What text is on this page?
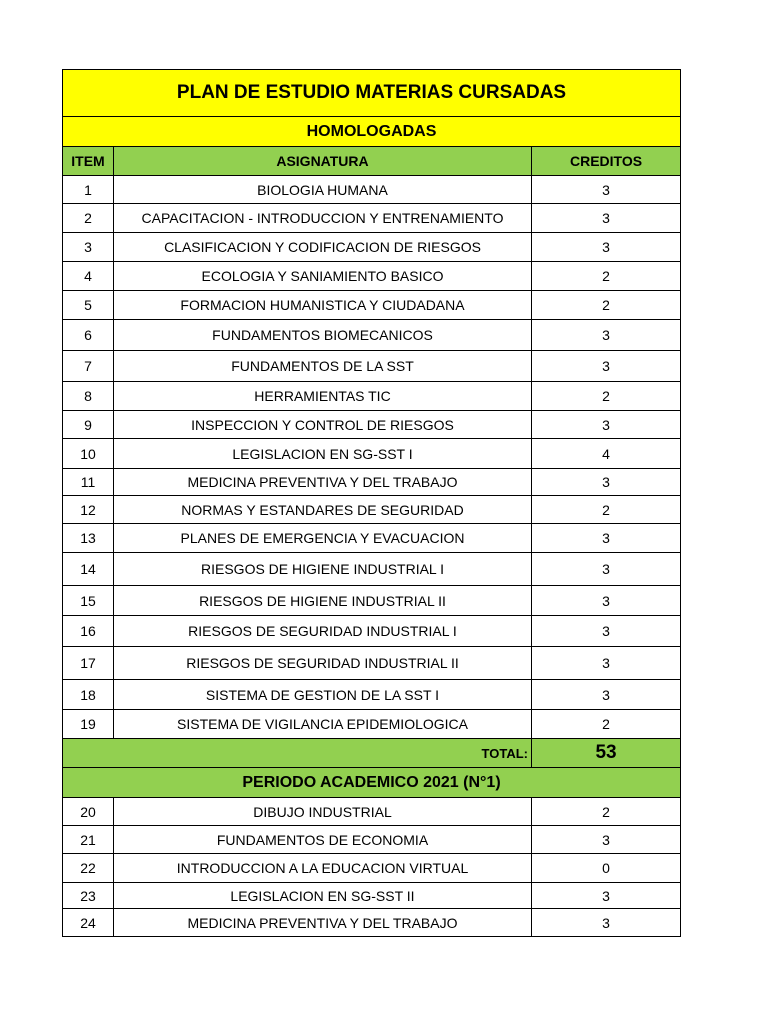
PLAN DE ESTUDIO MATERIAS CURSADAS		
HOMOLOGADAS		
ITEM	ASIGNATURA	CREDITOS
1	BIOLOGIA HUMANA	3
2	CAPACITACION - INTRODUCCION Y ENTRENAMIENTO	3
3	CLASIFICACION Y CODIFICACION DE RIESGOS	3
4	ECOLOGIA Y SANIAMIENTO BASICO	2
5	FORMACION HUMANISTICA Y CIUDADANA	2
6	FUNDAMENTOS BIOMECANICOS	3
7	FUNDAMENTOS DE LA SST	3
8	HERRAMIENTAS TIC	2
9	INSPECCION Y CONTROL DE RIESGOS	3
10	LEGISLACION EN SG-SST I	4
11	MEDICINA PREVENTIVA Y DEL TRABAJO	3
12	NORMAS Y ESTANDARES DE SEGURIDAD	2
13	PLANES DE EMERGENCIA Y EVACUACION	3
14	RIESGOS DE HIGIENE INDUSTRIAL I	3
15	RIESGOS DE HIGIENE INDUSTRIAL II	3
16	RIESGOS DE SEGURIDAD INDUSTRIAL I	3
17	RIESGOS DE SEGURIDAD INDUSTRIAL II	3
18	SISTEMA DE GESTION DE LA SST I	3
19	SISTEMA DE VIGILANCIA EPIDEMIOLOGICA	2
TOTAL:		53
PERIODO ACADEMICO 2021 (N°1)		
20	DIBUJO INDUSTRIAL	2
21	FUNDAMENTOS DE ECONOMIA	3
22	INTRODUCCION A LA EDUCACION VIRTUAL	0
23	LEGISLACION EN SG-SST II	3
24	MEDICINA PREVENTIVA Y DEL TRABAJO	3
